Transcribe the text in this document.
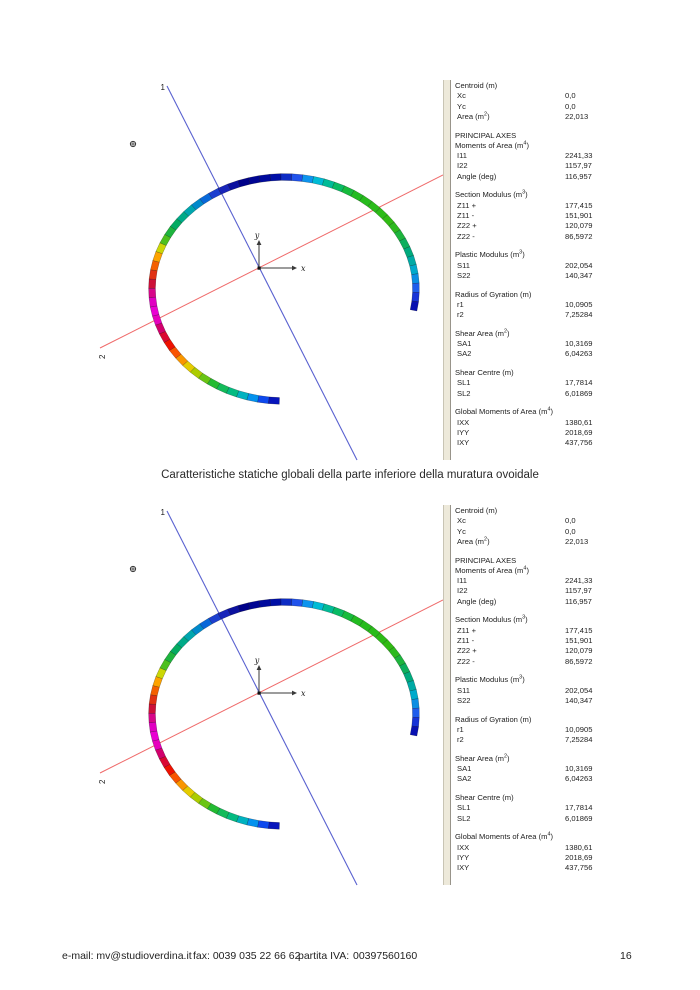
x
y
1
2
Centroid (m)
Xc	0,0
Yc	0,0
Area $(m^2)$	22,013
PRINCIPAL AXES
Moments of Area $(m^4)$
I11	2241,33
I22	1157,97
Angle (deg)	116,957
Section Modulus $(m^3)$
Z11 +	177,415
Z11 -	151,901
Z22 +	120,079
Z22 -	86,5972
Plastic Modulus $(m^3)$
S11	202,054
S22	140,347
Radius of Gyration (m)
r1	10,0905
r2	7,25284
Shear Area $(m^2)$
SA1	10,3169
SA2	6,04263
Shear Centre (m)
SL1	17,7814
SL2	6,01869
Global Moments of Area $(m^4)$
IXX	1380,61
IYY	2018,69
IXY	437,756
Caratteristiche statiche globali della parte inferiore della muratura ovoidale
x
y
1
2
Centroid (m)
Xc	0,0
Yc	0,0
Area $(m^2)$	22,013
PRINCIPAL AXES
Moments of Area $(m^4)$
I11	2241,33
I22	1157,97
Angle (deg)	116,957
Section Modulus $(m^3)$
Z11 +	177,415
Z11 -	151,901
Z22 +	120,079
Z22 -	86,5972
Plastic Modulus $(m^3)$
S11	202,054
S22	140,347
Radius of Gyration (m)
r1	10,0905
r2	7,25284
Shear Area $(m^2)$
SA1	10,3169
SA2	6,04263
Shear Centre (m)
SL1	17,7814
SL2	6,01869
Global Moments of Area $(m^4)$
IXX	1380,61
IYY	2018,69
IXY	437,756
e-mail: mv@studioverdina.it fax: 0039 035 22 66 62
partita IVA: 00397560160	16
